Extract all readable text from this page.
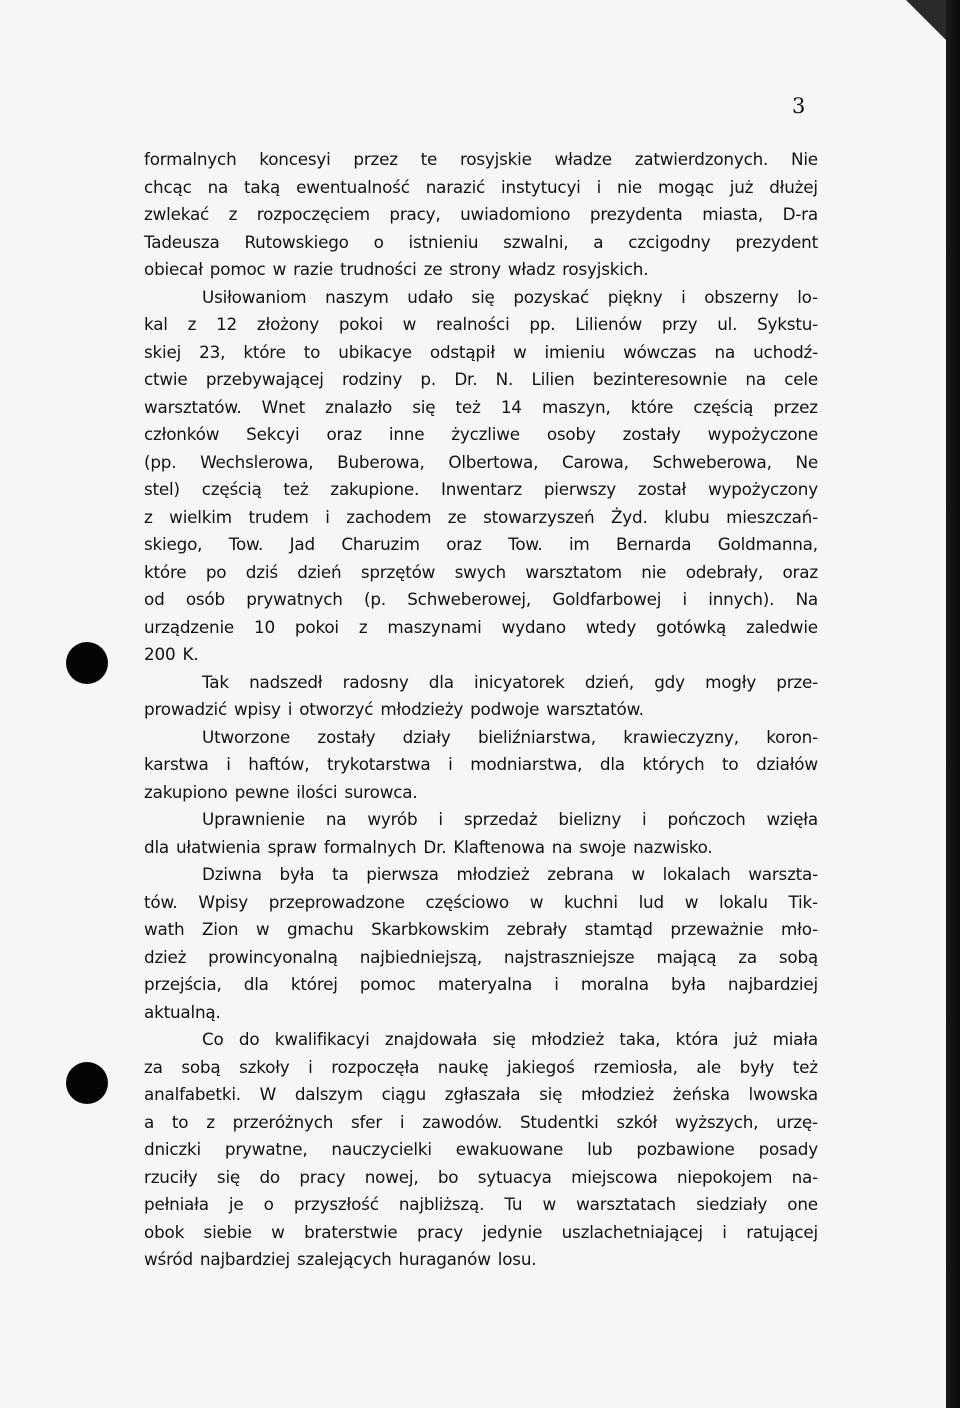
3
formalnych koncesyi przez te rosyjskie władze zatwierdzonych. Nie
chcąc na taką ewentualność narazić instytucyi i nie mogąc już dłużej
zwlekać z rozpoczęciem pracy, uwiadomiono prezydenta miasta, D-ra
Tadeusza Rutowskiego o istnieniu szwalni, a czcigodny prezydent
obiecał pomoc w razie trudności ze strony władz rosyjskich.
Usiłowaniom naszym udało się pozyskać piękny i obszerny lo-
kal z 12 złożony pokoi w realności pp. Lilienów przy ul. Sykstu-
skiej 23, które to ubikacye odstąpił w imieniu wówczas na uchodź-
ctwie przebywającej rodziny p. Dr. N. Lilien bezinteresownie na cele
warsztatów. Wnet znalazło się też 14 maszyn, które częścią przez
członków Sekcyi oraz inne życzliwe osoby zostały wypożyczone
(pp. Wechslerowa, Buberowa, Olbertowa, Carowa, Schweberowa, Ne
stel) częścią też zakupione. Inwentarz pierwszy został wypożyczony
z wielkim trudem i zachodem ze stowarzyszeń Żyd. klubu mieszczań-
skiego, Tow. Jad Charuzim oraz Tow. im Bernarda Goldmanna,
które po dziś dzień sprzętów swych warsztatom nie odebrały, oraz
od osób prywatnych (p. Schweberowej, Goldfarbowej i innych). Na
urządzenie 10 pokoi z maszynami wydano wtedy gotówką zaledwie
200 K.
Tak nadszedł radosny dla inicyatorek dzień, gdy mogły prze-
prowadzić wpisy i otworzyć młodzieży podwoje warsztatów.
Utworzone zostały działy bieliźniarstwa, krawieczyzny, koron-
karstwa i haftów, trykotarstwa i modniarstwa, dla których to działów
zakupiono pewne ilości surowca.
Uprawnienie na wyrób i sprzedaż bielizny i pończoch wzięła
dla ułatwienia spraw formalnych Dr. Klaftenowa na swoje nazwisko.
Dziwna była ta pierwsza młodzież zebrana w lokalach warszta-
tów. Wpisy przeprowadzone częściowo w kuchni lud w lokalu Tik-
wath Zion w gmachu Skarbkowskim zebrały stamtąd przeważnie mło-
dzież prowincyonalną najbiedniejszą, najstraszniejsze mającą za sobą
przejścia, dla której pomoc materyalna i moralna była najbardziej
aktualną.
Co do kwalifikacyi znajdowała się młodzież taka, która już miała
za sobą szkoły i rozpoczęła naukę jakiegoś rzemiosła, ale były też
analfabetki. W dalszym ciągu zgłaszała się młodzież żeńska lwowska
a to z przeróżnych sfer i zawodów. Studentki szkół wyższych, urzę-
dniczki prywatne, nauczycielki ewakuowane lub pozbawione posady
rzuciły się do pracy nowej, bo sytuacya miejscowa niepokojem na-
pełniała je o przyszłość najbliższą. Tu w warsztatach siedziały one
obok siebie w braterstwie pracy jedynie uszlachetniającej i ratującej
wśród najbardziej szalejących huraganów losu.
